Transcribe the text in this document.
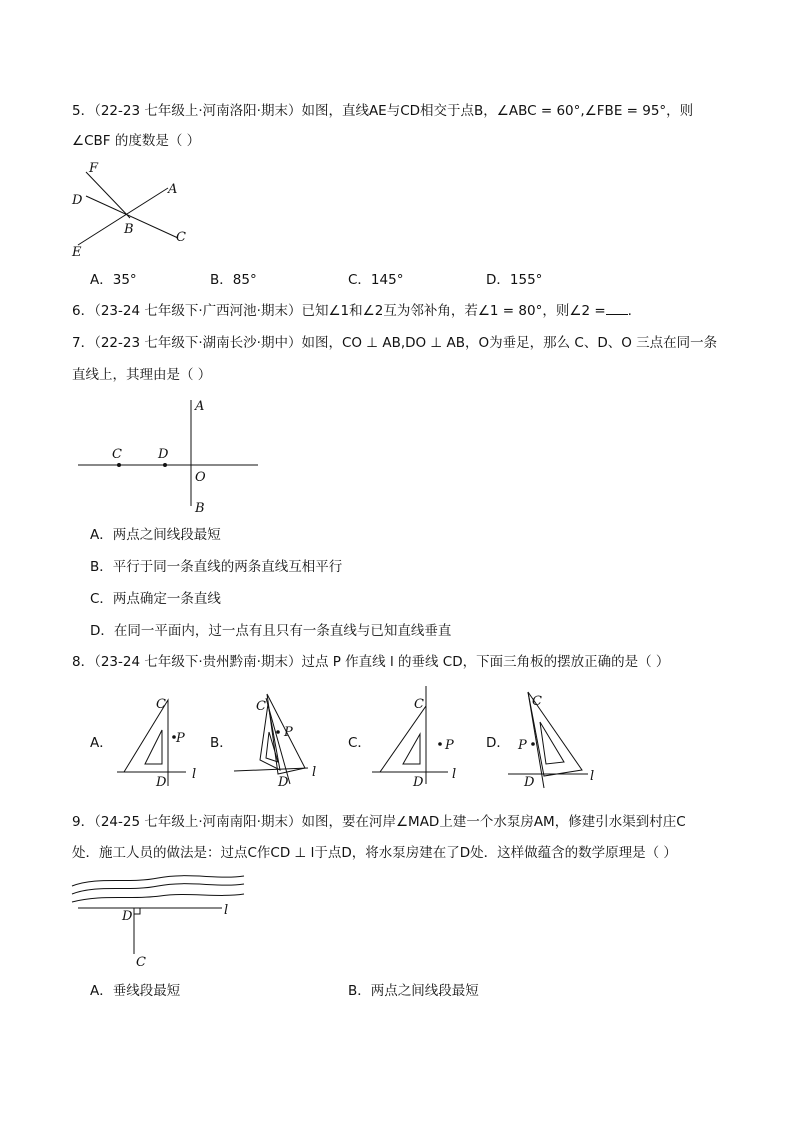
5．（22-23 七年级上·河南洛阳·期末）如图，直线AE与CD相交于点B，∠ABC = 60°,∠FBE = 95°，则
∠CBF 的度数是（ ）
F
D
A
B
E
C
A．35°	B．85°	C．145°	D．155°
6．（23-24 七年级下·广西河池·期末）已知∠1和∠2互为邻补角，若∠1 = 80°，则∠2 = .
7．（22-23 七年级下·湖南长沙·期中）如图，CO ⊥ AB,DO ⊥ AB，O为垂足，那么 C、D、O 三点在同一条
直线上，其理由是（ ）
A
C	D
O
B
A．两点之间线段最短
B．平行于同一条直线的两条直线互相平行
C．两点确定一条直线
D．在同一平面内，过一点有且只有一条直线与已知直线垂直
8．（23-24 七年级下·贵州黔南·期末）过点 P 作直线 l 的垂线 CD，下面三角板的摆放正确的是（ ）
A．
C
P
D
l
B．
C
P
D
l
C．
C
P
D
l
D．
C
P
D	l
9．（24-25 七年级上·河南南阳·期末）如图，要在河岸∠MAD上建一个水泵房AM，修建引水渠到村庄C
处．施工人员的做法是：过点C作CD ⊥ l于点D，将水泵房建在了D处．这样做蕴含的数学原理是（ ）
D	l
C
A．垂线段最短	B．两点之间线段最短
